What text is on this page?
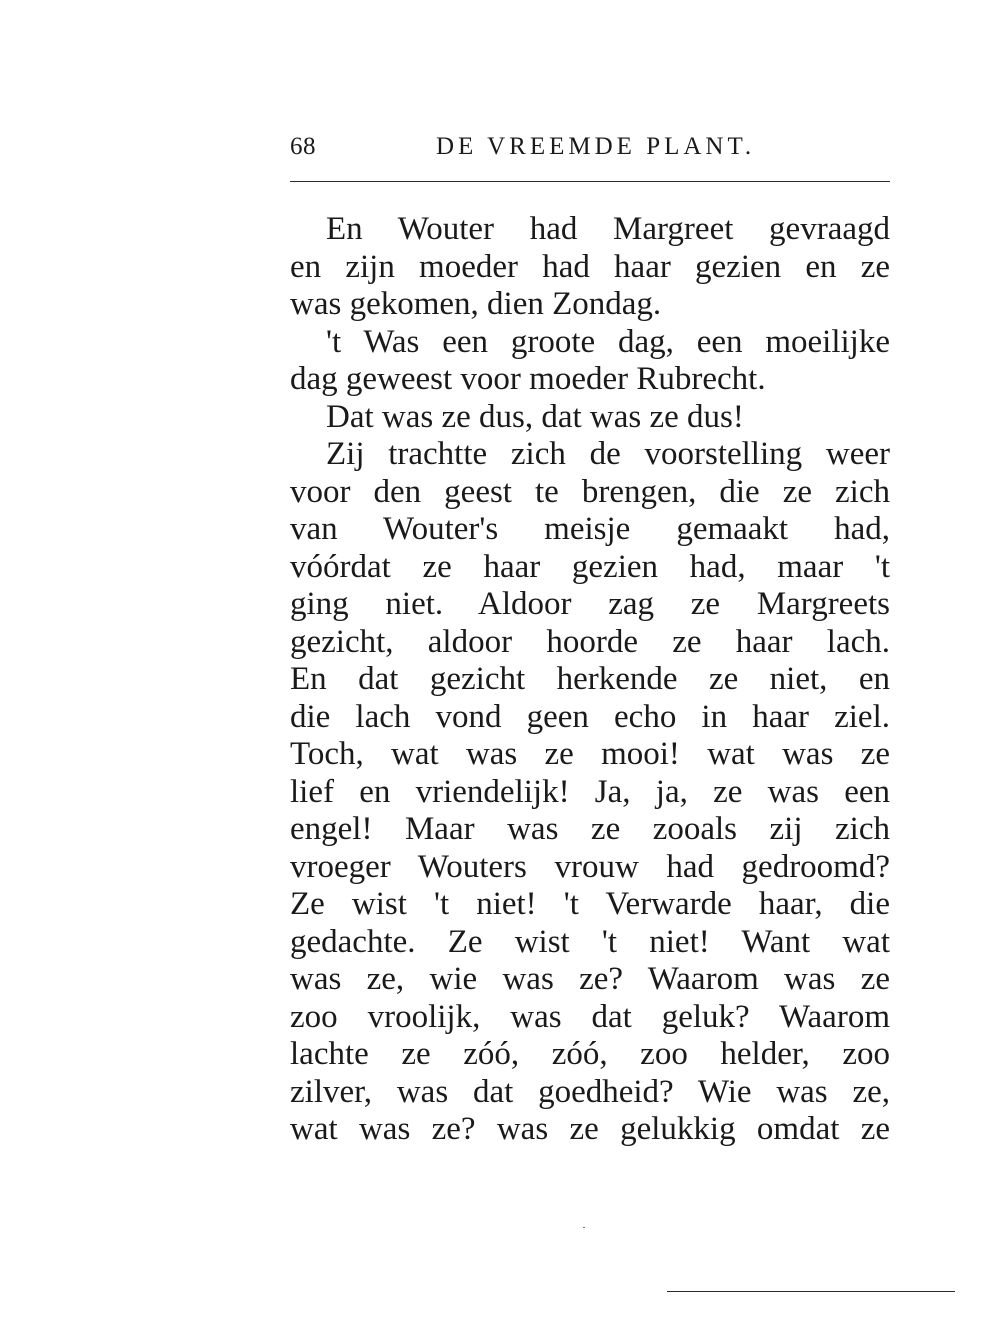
68	DE VREEMDE PLANT.
En Wouter had Margreet gevraagd
en zijn moeder had haar gezien en ze
was gekomen, dien Zondag.
't Was een groote dag, een moeilijke
dag geweest voor moeder Rubrecht.
Dat was ze dus, dat was ze dus!
Zij trachtte zich de voorstelling weer
voor den geest te brengen, die ze zich
van Wouter's meisje gemaakt had,
vóórdat ze haar gezien had, maar 't
ging niet. Aldoor zag ze Margreets
gezicht, aldoor hoorde ze haar lach.
En dat gezicht herkende ze niet, en
die lach vond geen echo in haar ziel.
Toch, wat was ze mooi! wat was ze
lief en vriendelijk! Ja, ja, ze was een
engel! Maar was ze zooals zij zich
vroeger Wouters vrouw had gedroomd?
Ze wist 't niet! 't Verwarde haar, die
gedachte. Ze wist 't niet! Want wat
was ze, wie was ze? Waarom was ze
zoo vroolijk, was dat geluk? Waarom
lachte ze zóó, zóó, zoo helder, zoo
zilver, was dat goedheid? Wie was ze,
wat was ze? was ze gelukkig omdat ze
